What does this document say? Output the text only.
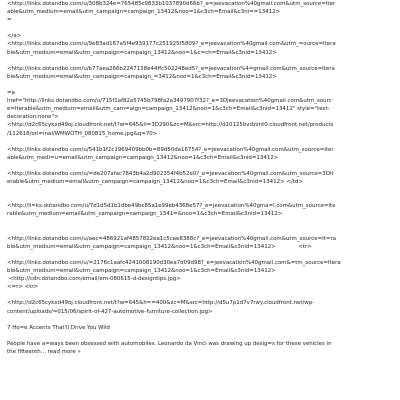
<http://links.dotandbo.com/u/308b324e=765485c9833b1037890d66b?_e=jeevacation%40gmail.com&utm_source=Iter
able&utm_medium=email&utm_campaign=campaign_13412&noo=1&c3ch=Email&c3ni==13412>
=
</a>
<http://links.dotandbo.com/u/9e83ad167a5f4e939177c251925f5809?_e=jeevacation%40gmail.com&utm_=ource=Itera
ble&utm_medium=email&utm_campaign=campaign_13412&noo=1&c=ch=Email&c3nid=13412>
<http://links.dotandbo.com/u/b77aea266b2247138e44ffc502248ed5?_e=jeevacation%4=gmail.com&utm_source=Itera
ble&utm_medium=email&utm_campaign=campaign_=3412&noo=1&c3ch=Email&c3nid=13412>
=a
href="http://links.dotandbo.com/u/715f1af82a5745b798fa2a3497907f32?_e=3Djeevacation%40gmail.com&utm_sourc
e=Iterable&utm_medium=email&utm_cam=aign=campaign_13412&noo=1&c3ch=Email&c3nid=13412" style="text-
decoration:none">
<http://d2c65cykxd49oj.cloudfront.net/t?w=645&h=3D290&zc=M&src=http://d10125bvdzznt0.cloudfront.net/products
/112618/ori=inal/WMWOTH_080815_home.jpg&q=70>
<http://links.dotandbo.com/u/541b1f2c1969409bb0b=89d50da16754?_e=jeevacation%40gmail.com&utm_source=Iter
able&utm_medi=u=email&utm_campaign=campaign_13412&noo=1&c3ch=Email&c3nid=13412>
<http://links.dotandbo.com/u/=de207afac7843b4a2d902354f4b52e0?_e=jeevacation%40gmail.com&utm_source=3Dit
erable&utm_medium=email&utm_campaign=campaign_13412&noo=1&c3ch=Email&c3nid=13412> </td>
<http://li=ks.dotandbo.com/u/7d1d5d1b1dbe49bc85a1e99eb4368e57?_e=jeevacation%40gma=l.com&utm_source=Ite
rable&utm_medium=email&utm_campaign=campaign_1341=&noo=1&c3ch=Email&c3nid=13412>
<http://links.dotandbo.com/u/aec=486921af4857822ea1c5cae8388c?_e=jeevacation%40gmail.com&utm_source=It=ra
ble&utm_medium=email&utm_campaign=campaign_13412&noo=1&c3ch=Email&c3nid=13412>             <tr>
<http://links.dotandbo.com/u/=2176c1aafc4241008190d30ea7d09d98?_e=jeevacation%40gmail.com&=tm_source=Itera
ble&utm_medium=email&utm_campaign=campaign_13412&noo=1&c3ch=Email&c3nid=13412>
<http://cdn.dotandbo.com/email/em-080615-d-designtips.jpg>
<=r> <tr>
<http://d2c65cykxd49oj.cloudfront.net/t?w=645&h==400&zc=M&src=http://d5u7p1d7v7rwy.cloudfront.net/wp-
content/uploads/=015/06/spirit-of-427-automotive-furniture-collection.jpg>
7 Ho=e Accents That'll Drive You Wild
People have a=ways been obsessed with automobiles. Leonardo da Vinci was drawing up desig=s for these vehicles in
the fifteenth... read more »
